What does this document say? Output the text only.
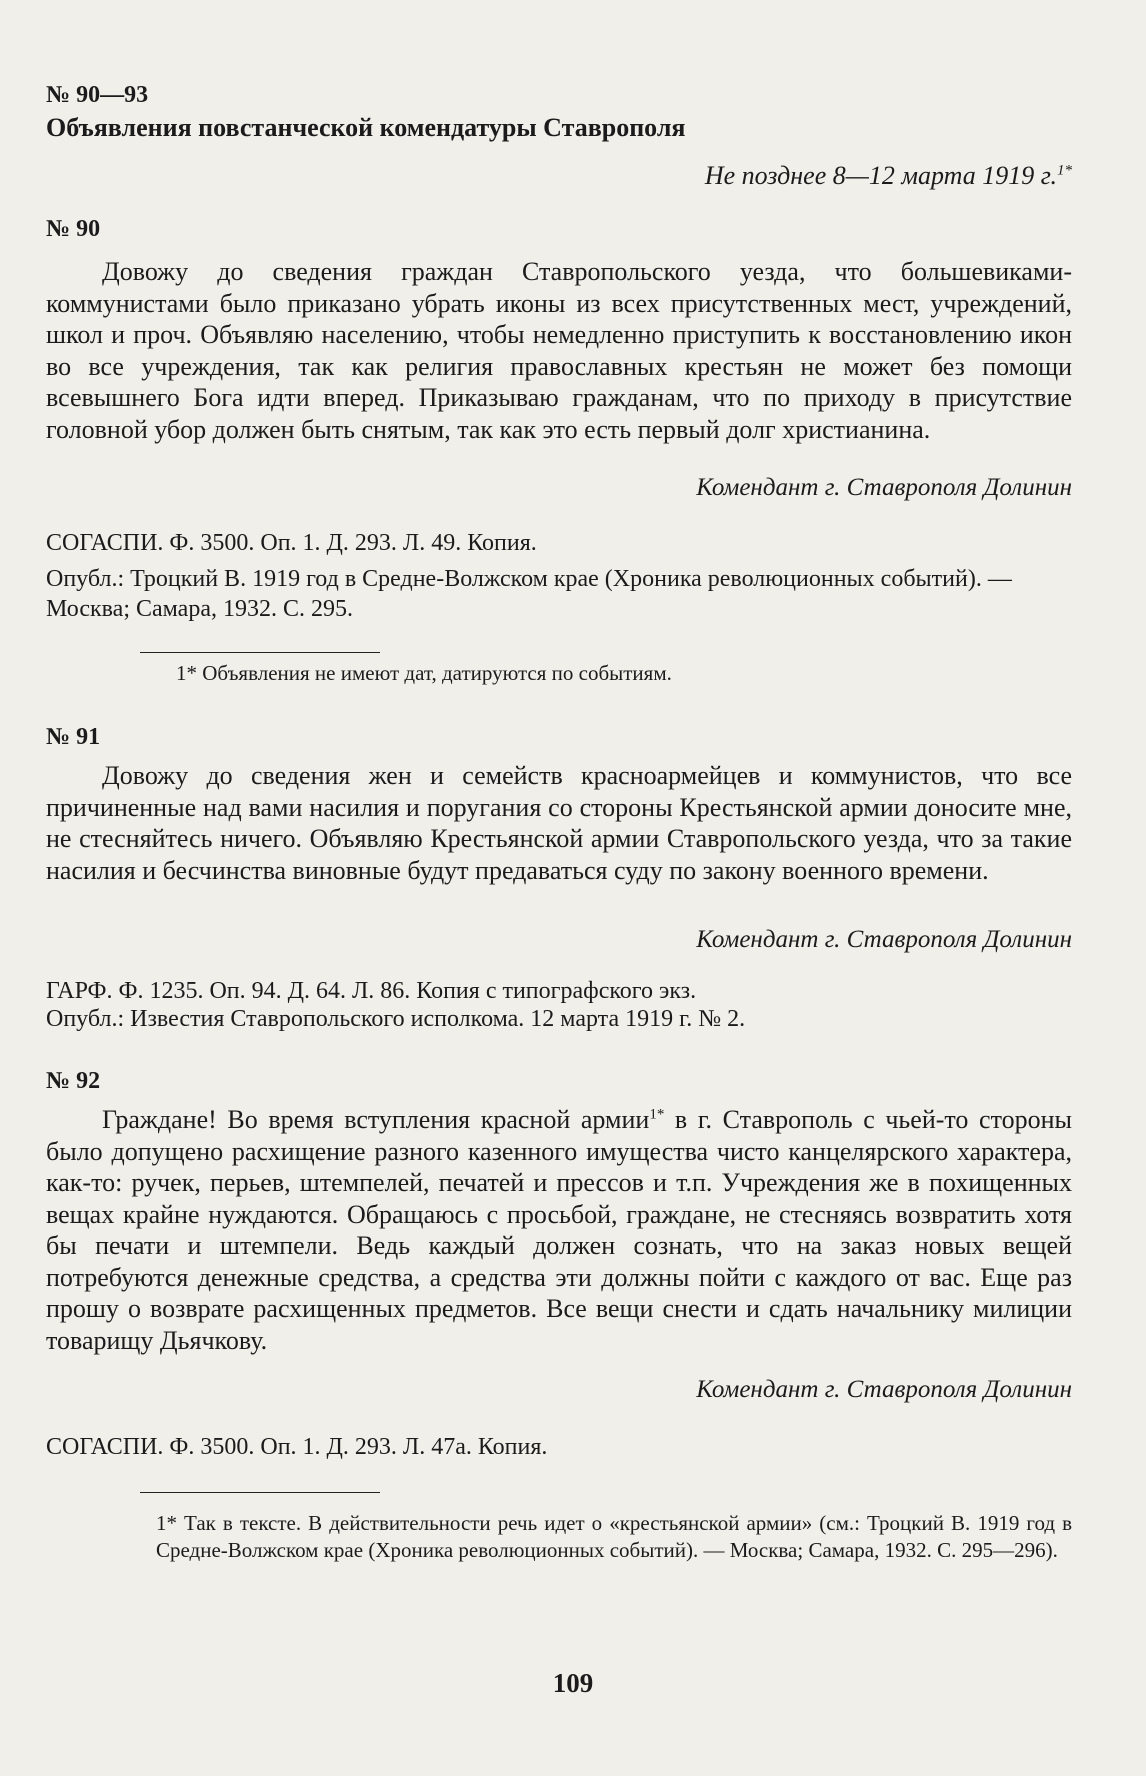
№ 90—93
Объявления повстанческой комендатуры Ставрополя
Не позднее 8—12 марта 1919 г.$^{1*}$
№ 90

Довожу до сведения граждан Ставропольского уезда, что большевиками-коммунистами было приказано убрать иконы из всех присутственных мест, учреждений, школ и проч. Объявляю населению, чтобы немедленно приступить к восстановлению икон во все учреждения, так как религия православных крестьян не может без помощи всевышнего Бога идти вперед. Приказываю гражданам, что по приходу в присутствие головной убор должен быть снятым, так как это есть первый долг христианина.

Комендант г. Ставрополя Долинин

СОГАСПИ. Ф. 3500. Оп. 1. Д. 293. Л. 49. Копия.

Опубл.: Троцкий В. 1919 год в Средне-Волжском крае (Хроника революционных событий). — Москва; Самара, 1932. С. 295.

1* Объявления не имеют дат, датируются по событиям.

№ 91

Довожу до сведения жен и семейств красноармейцев и коммунистов, что все причиненные над вами насилия и поругания со стороны Крестьянской армии доносите мне, не стесняйтесь ничего. Объявляю Крестьянской армии Ставропольского уезда, что за такие насилия и бесчинства виновные будут предаваться суду по закону военного времени.

Комендант г. Ставрополя Долинин

ГАРФ. Ф. 1235. Оп. 94. Д. 64. Л. 86. Копия с типографского экз.

Опубл.: Известия Ставропольского исполкома. 12 марта 1919 г. № 2.

№ 92

Граждане! Во время вступления красной армии$^{1*}$ в г. Ставрополь с чьей-то стороны было допущено расхищение разного казенного имущества чисто канцелярского характера, как-то: ручек, перьев, штемпелей, печатей и прессов и т.п. Учреждения же в похищенных вещах крайне нуждаются. Обращаюсь с просьбой, граждане, не стесняясь возвратить хотя бы печати и штемпели. Ведь каждый должен сознать, что на заказ новых вещей потребуются денежные средства, а средства эти должны пойти с каждого от вас. Еще раз прошу о возврате расхищенных предметов. Все вещи снести и сдать начальнику милиции товарищу Дьячкову.

Комендант г. Ставрополя Долинин

СОГАСПИ. Ф. 3500. Оп. 1. Д. 293. Л. 47а. Копия.

1* Так в тексте. В действительности речь идет о «крестьянской армии» (см.: Троцкий В. 1919 год в Средне-Волжском крае (Хроника революционных событий). — Москва; Самара, 1932. С. 295—296).

109
